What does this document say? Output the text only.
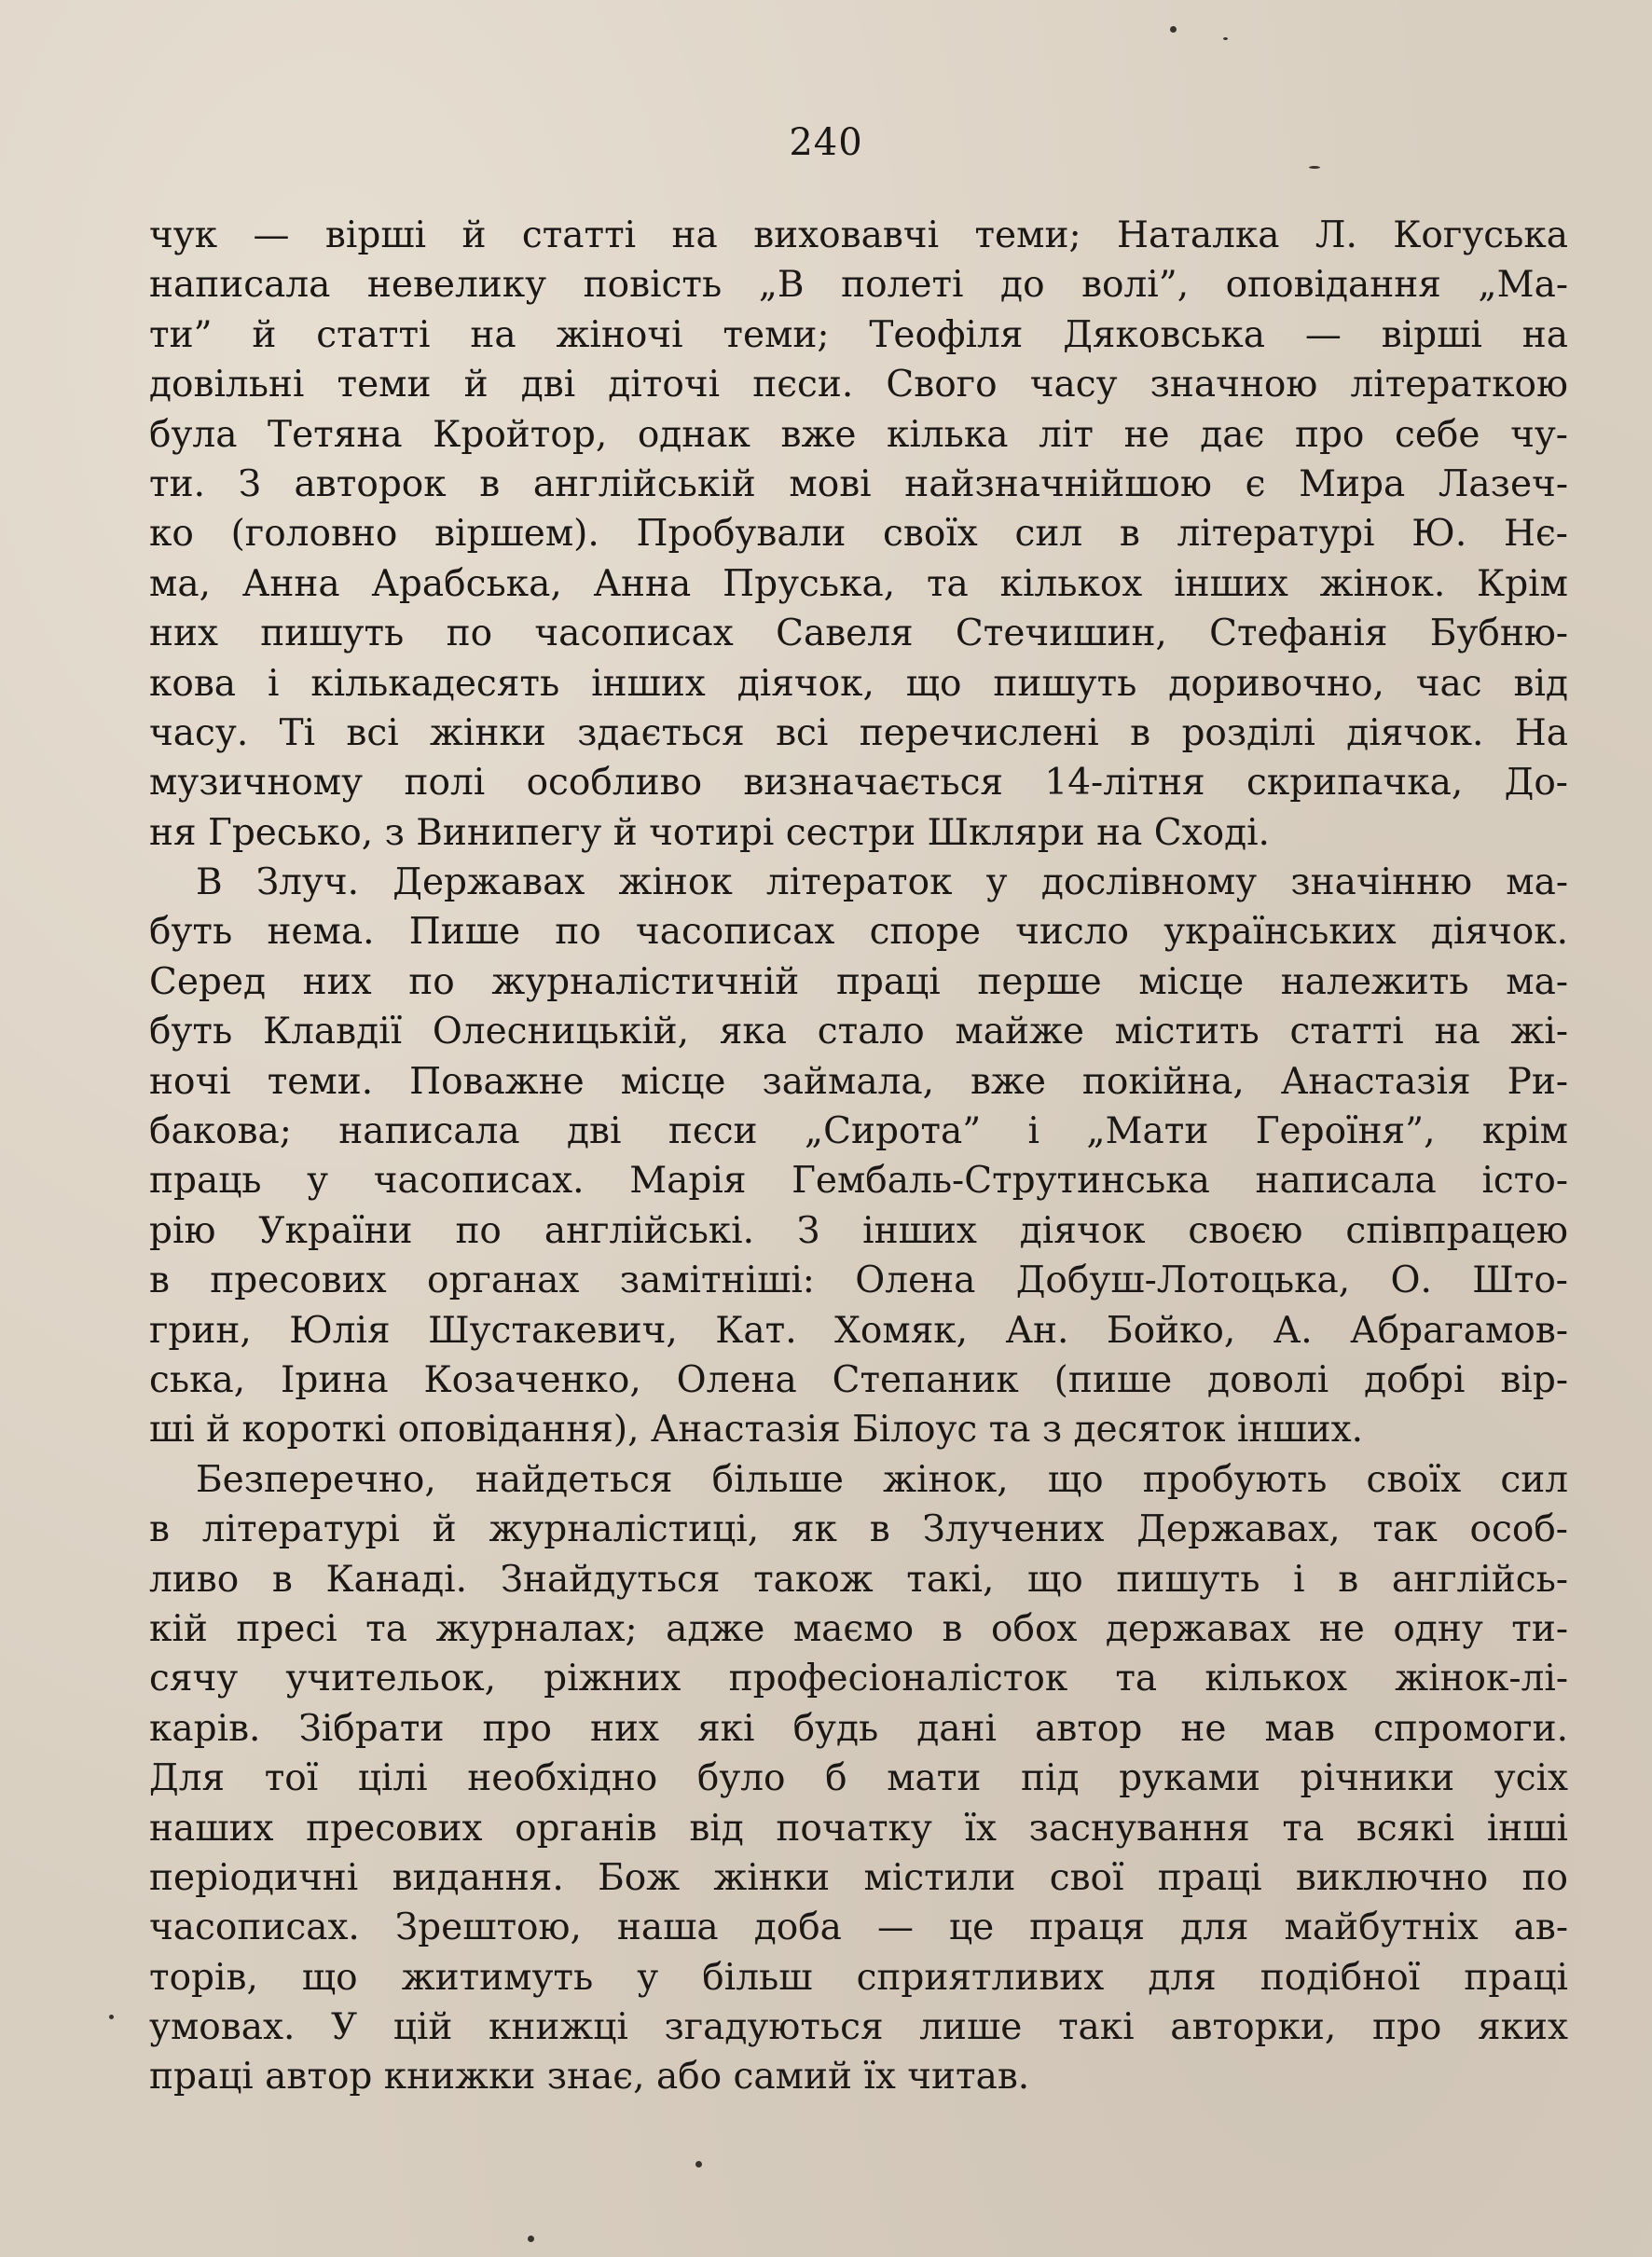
240
чук — вірші й статті на виховавчі теми; Наталка Л. Когуська
написала невелику повість „В полеті до волі”, оповідання „Ма-
ти” й статті на жіночі теми; Теофіля Дяковська — вірші на
довільні теми й дві діточі пєси. Свого часу значною літераткою
була Тетяна Кройтор, однак вже кілька літ не дає про себе чу-
ти. З авторок в англійській мові найзначнійшою є Мира Лазеч-
ко (головно віршем). Пробували своїх сил в літературі Ю. Нє-
ма, Анна Арабська, Анна Пруська, та кількох інших жінок. Крім
них пишуть по часописах Савеля Стечишин, Стефанія Бубню-
кова і кількадесять інших діячок, що пишуть доривочно, час від
часу. Ті всі жінки здається всі перечислені в розділі діячок. На
музичному полі особливо визначається 14-літня скрипачка, До-
ня Гресько, з Винипегу й чотирі сестри Шкляри на Сході.
В Злуч. Державах жінок літераток у дослівному значінню ма-
буть нема. Пише по часописах споре число українських діячок.
Серед них по журналістичній праці перше місце належить ма-
буть Клавдії Олесницькій, яка стало майже містить статті на жі-
ночі теми. Поважне місце займала, вже покійна, Анастазія Ри-
бакова; написала дві пєси „Сирота” і „Мати Героїня”, крім
праць у часописах. Марія Гембаль-Струтинська написала істо-
рію України по англійські. З інших діячок своєю співпрацею
в пресових органах замітніші: Олена Добуш-Лотоцька, О. Што-
грин, Юлія Шустакевич, Кат. Хомяк, Ан. Бойко, А. Абрагамов-
ська, Ірина Козаченко, Олена Степаник (пише доволі добрі вір-
ші й короткі оповідання), Анастазія Білоус та з десяток інших.
Безперечно, найдеться більше жінок, що пробують своїх сил
в літературі й журналістиці, як в Злучених Державах, так особ-
ливо в Канаді. Знайдуться також такі, що пишуть і в англійсь-
кій пресі та журналах; адже маємо в обох державах не одну ти-
сячу учительок, ріжних професіоналісток та кількох жінок-лі-
карів. Зібрати про них які будь дані автор не мав спромоги.
Для тої цілі необхідно було б мати під руками річники усіх
наших пресових органів від початку їх заснування та всякі інші
періодичні видання. Бож жінки містили свої праці виключно по
часописах. Зрештою, наша доба — це праця для майбутніх ав-
торів, що житимуть у більш сприятливих для подібної праці
умовах. У цій книжці згадуються лише такі авторки, про яких
праці автор книжки знає, або самий їх читав.
